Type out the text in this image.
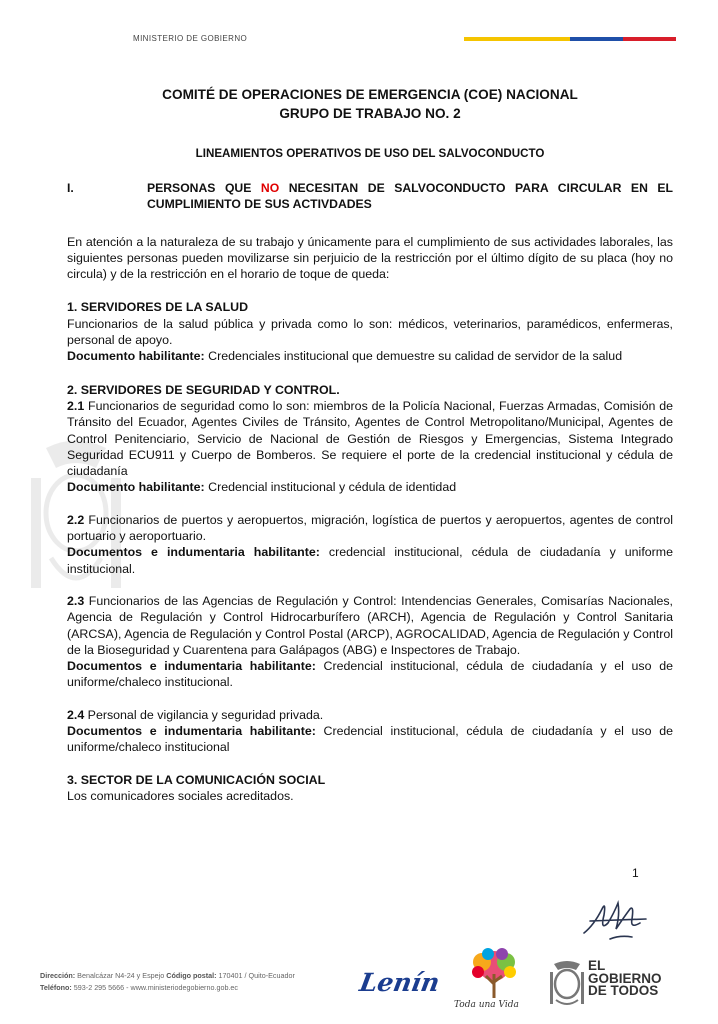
MINISTERIO DE GOBIERNO
COMITÉ DE OPERACIONES DE EMERGENCIA (COE) NACIONAL
GRUPO DE TRABAJO NO. 2
LINEAMIENTOS OPERATIVOS DE USO DEL SALVOCONDUCTO
I.	PERSONAS QUE NO NECESITAN DE SALVOCONDUCTO PARA CIRCULAR EN EL CUMPLIMIENTO DE SUS ACTIVDADES

En atención a la naturaleza de su trabajo y únicamente para el cumplimiento de sus actividades laborales, las siguientes personas pueden movilizarse sin perjuicio de la restricción por el último dígito de su placa (hoy no circula) y de la restricción en el horario de toque de queda:

1. SERVIDORES DE LA SALUD

Funcionarios de la salud pública y privada como lo son: médicos, veterinarios, paramédicos, enfermeras, personal de apoyo.

Documento habilitante: Credenciales institucional que demuestre su calidad de servidor de la salud

2. SERVIDORES DE SEGURIDAD Y CONTROL.

2.1 Funcionarios de seguridad como lo son: miembros de la Policía Nacional, Fuerzas Armadas, Comisión de Tránsito del Ecuador, Agentes Civiles de Tránsito, Agentes de Control Metropolitano/Municipal, Agentes de Control Penitenciario, Servicio de Nacional de Gestión de Riesgos y Emergencias, Sistema Integrado Seguridad ECU911 y Cuerpo de Bomberos. Se requiere el porte de la credencial institucional y cédula de ciudadanía

Documento habilitante: Credencial institucional y cédula de identidad

2.2 Funcionarios de puertos y aeropuertos, migración, logística de puertos y aeropuertos, agentes de control portuario y aeroportuario.

Documentos e indumentaria habilitante: credencial institucional, cédula de ciudadanía y uniforme institucional.

2.3 Funcionarios de las Agencias de Regulación y Control: Intendencias Generales, Comisarías Nacionales, Agencia de Regulación y Control Hidrocarburífero (ARCH), Agencia de Regulación y Control Sanitaria (ARCSA), Agencia de Regulación y Control Postal (ARCP), AGROCALIDAD, Agencia de Regulación y Control de la Bioseguridad y Cuarentena para Galápagos (ABG) e Inspectores de Trabajo.

Documentos e indumentaria habilitante: Credencial institucional, cédula de ciudadanía y el uso de uniforme/chaleco institucional.

2.4 Personal de vigilancia y seguridad privada.

Documentos e indumentaria habilitante: Credencial institucional, cédula de ciudadanía y el uso de uniforme/chaleco institucional

3. SECTOR DE LA COMUNICACIÓN SOCIAL

Los comunicadores sociales acreditados.

1
Dirección: Benalcázar N4-24 y Espejo Código postal: 170401 / Quito-Ecuador
Teléfono: 593-2 295 5666 - www.ministeriodegobierno.gob.ec	Lenín
Toda una Vida
EL
GOBIERNO
DE TODOS
